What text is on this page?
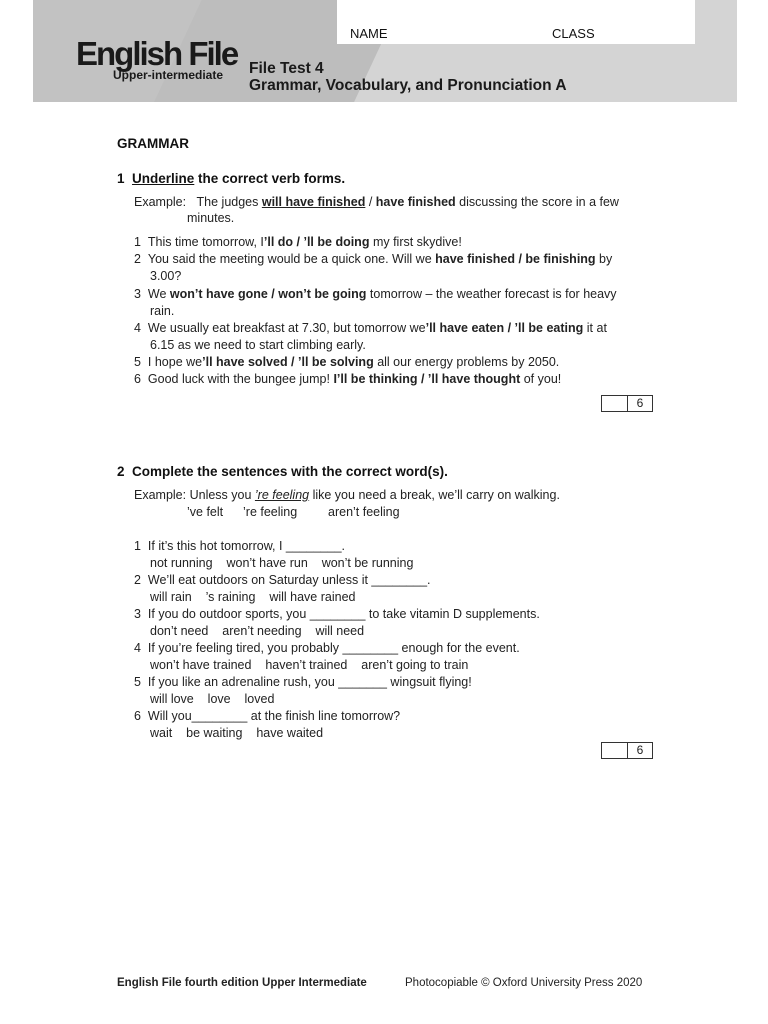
NAME	CLASS
English File
Upper-intermediate File Test 4
Grammar, Vocabulary, and Pronunciation A
GRAMMAR
1 Underline the correct verb forms.
Example: The judges will have finished / have finished discussing the score in a few
minutes.
1 This time tomorrow, I’ll do / ’ll be doing my first skydive!
2 You said the meeting would be a quick one. Will we have finished / be finishing by
3.00?
3 We won’t have gone / won’t be going tomorrow – the weather forecast is for heavy
rain.
4 We usually eat breakfast at 7.30, but tomorrow we’ll have eaten / ’ll be eating it at
6.15 as we need to start climbing early.
5 I hope we’ll have solved / ’ll be solving all our energy problems by 2050.
6 Good luck with the bungee jump! I’ll be thinking / ’ll have thought of you!
6
2 Complete the sentences with the correct word(s).
Example: Unless you ’re feeling like you need a break, we’ll carry on walking.
’ve felt ’re feeling aren’t feeling
1 If it’s this hot tomorrow, I ________.
not running won’t have run won’t be running
2 We’ll eat outdoors on Saturday unless it ________.
will rain ’s raining will have rained
3 If you do outdoor sports, you ________ to take vitamin D supplements.
don’t need aren’t needing will need
4 If you’re feeling tired, you probably ________ enough for the event.
won’t have trained haven’t trained aren’t going to train
5 If you like an adrenaline rush, you _______ wingsuit flying!
will love love loved
6 Will you________ at the finish line tomorrow?
wait be waiting have waited
6
English File fourth edition Upper Intermediate	Photocopiable © Oxford University Press 2020
